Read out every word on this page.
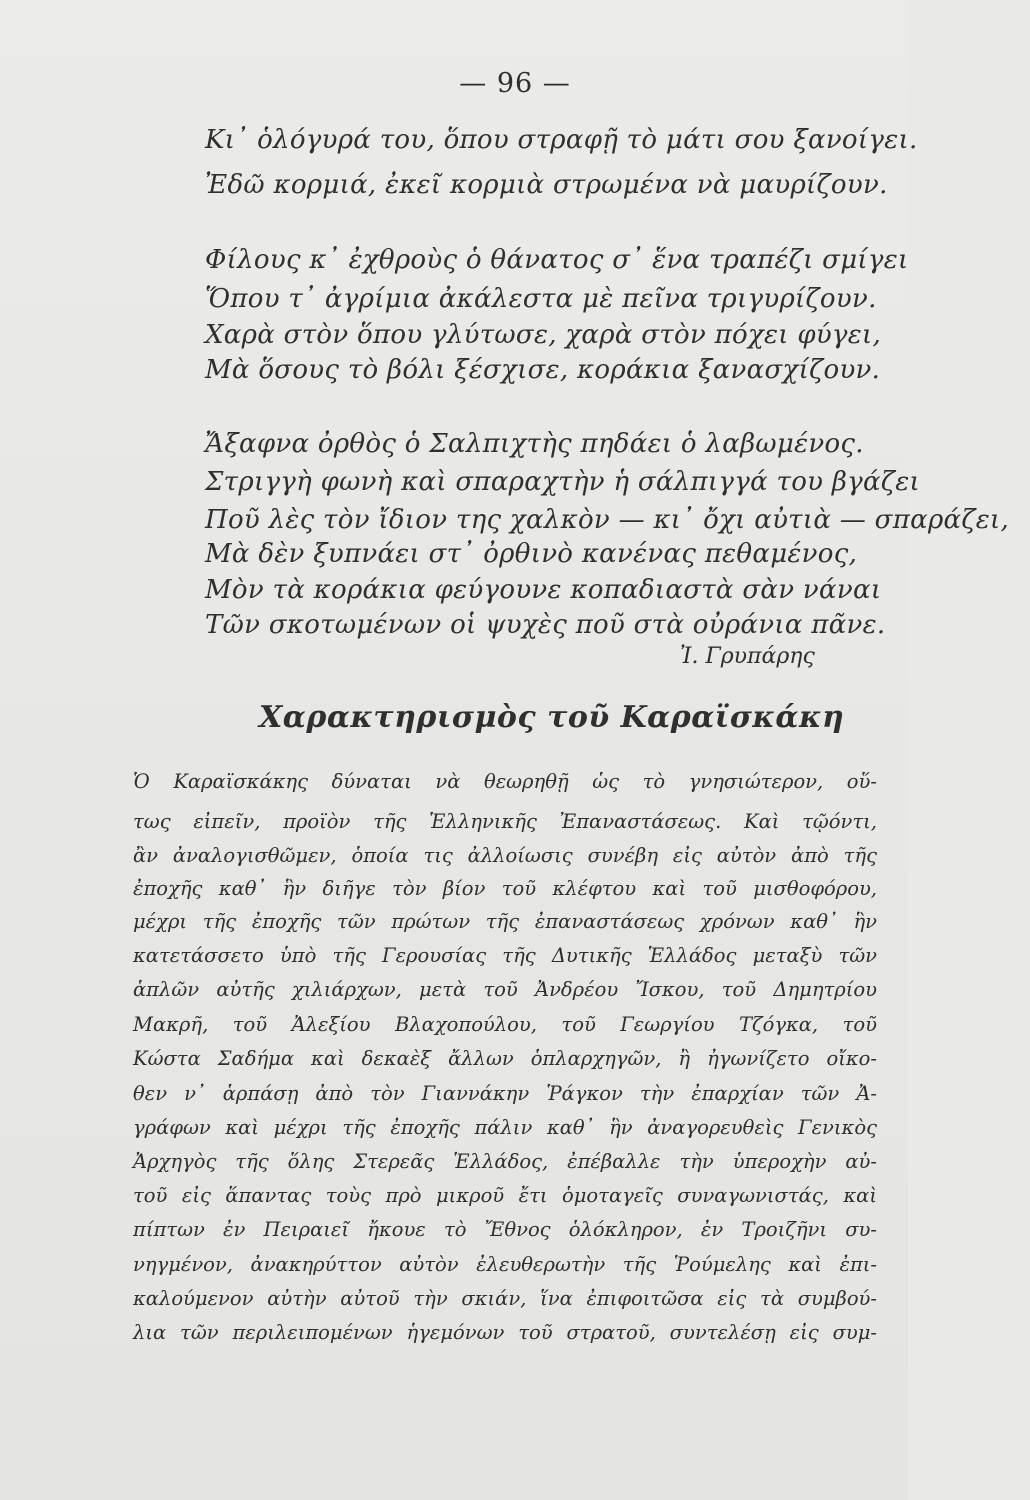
— 96 —
Κι᾽ ὁλόγυρά του, ὅπου στραφῇ τὸ μάτι σου ξανοίγει.
Ἐδῶ κορμιά, ἐκεῖ κορμιὰ στρωμένα νὰ μαυρίζουν.
Φίλους κ᾽ ἐχθροὺς ὁ θάνατος σ᾽ ἕνα τραπέζι σμίγει
Ὅπου τ᾽ ἀγρίμια ἀκάλεστα μὲ πεῖνα τριγυρίζουν.
Χαρὰ στὸν ὅπου γλύτωσε, χαρὰ στὸν πόχει φύγει,
Μὰ ὅσους τὸ βόλι ξέσχισε, κοράκια ξανασχίζουν.
Ἄξαφνα ὀρθὸς ὁ Σαλπιχτὴς πηδάει ὁ λαβωμένος.
Στριγγὴ φωνὴ καὶ σπαραχτὴν ἡ σάλπιγγά του βγάζει
Ποῦ λὲς τὸν ἴδιον της χαλκὸν — κι᾽ ὄχι αὐτιὰ — σπαράζει,
Μὰ δὲν ξυπνάει στ᾽ ὀρθινὸ κανένας πεθαμένος,
Μὸν τὰ κοράκια φεύγουνε κοπαδιαστὰ σὰν νάναι
Τῶν σκοτωμένων οἱ ψυχὲς ποῦ στὰ οὐράνια πᾶνε.
Ἰ. Γρυπάρης
Χαρακτηρισμὸς τοῦ Καραϊσκάκη
Ὁ Καραϊσκάκης δύναται νὰ θεωρηθῇ ὡς τὸ γνησιώτερον, οὕ-
τως εἰπεῖν, προϊὸν τῆς Ἑλληνικῆς Ἐπαναστάσεως. Καὶ τῷόντι,
ἂν ἀναλογισθῶμεν, ὁποία τις ἀλλοίωσις συνέβη εἰς αὐτὸν ἀπὸ τῆς
ἐποχῆς καθ᾽ ἣν διῆγε τὸν βίον τοῦ κλέφτου καὶ τοῦ μισθοφόρου,
μέχρι τῆς ἐποχῆς τῶν πρώτων τῆς ἐπαναστάσεως χρόνων καθ᾽ ἣν
κατετάσσετο ὑπὸ τῆς Γερουσίας τῆς Δυτικῆς Ἑλλάδος μεταξὺ τῶν
ἁπλῶν αὐτῆς χιλιάρχων, μετὰ τοῦ Ἀνδρέου Ἴσκου, τοῦ Δημητρίου
Μακρῆ, τοῦ Ἀλεξίου Βλαχοπούλου, τοῦ Γεωργίου Τζόγκα, τοῦ
Κώστα Σαδήμα καὶ δεκαὲξ ἄλλων ὁπλαρχηγῶν, ἢ ἠγωνίζετο οἴκο-
θεν ν᾽ ἁρπάσῃ ἀπὸ τὸν Γιαννάκην Ῥάγκον τὴν ἐπαρχίαν τῶν Ἀ-
γράφων καὶ μέχρι τῆς ἐποχῆς πάλιν καθ᾽ ἣν ἀναγορευθεὶς Γενικὸς
Ἀρχηγὸς τῆς ὅλης Στερεᾶς Ἑλλάδος, ἐπέβαλλε τὴν ὑπεροχὴν αὐ-
τοῦ εἰς ἅπαντας τοὺς πρὸ μικροῦ ἔτι ὁμοταγεῖς συναγωνιστάς, καὶ
πίπτων ἐν Πειραιεῖ ἤκουε τὸ Ἔθνος ὁλόκληρον, ἐν Τροιζῆνι συ-
νηγμένον, ἀνακηρύττον αὐτὸν ἐλευθερωτὴν τῆς Ῥούμελης καὶ ἐπι-
καλούμενον αὐτὴν αὐτοῦ τὴν σκιάν, ἵνα ἐπιφοιτῶσα εἰς τὰ συμβού-
λια τῶν περιλειπομένων ἡγεμόνων τοῦ στρατοῦ, συντελέσῃ εἰς συμ-
